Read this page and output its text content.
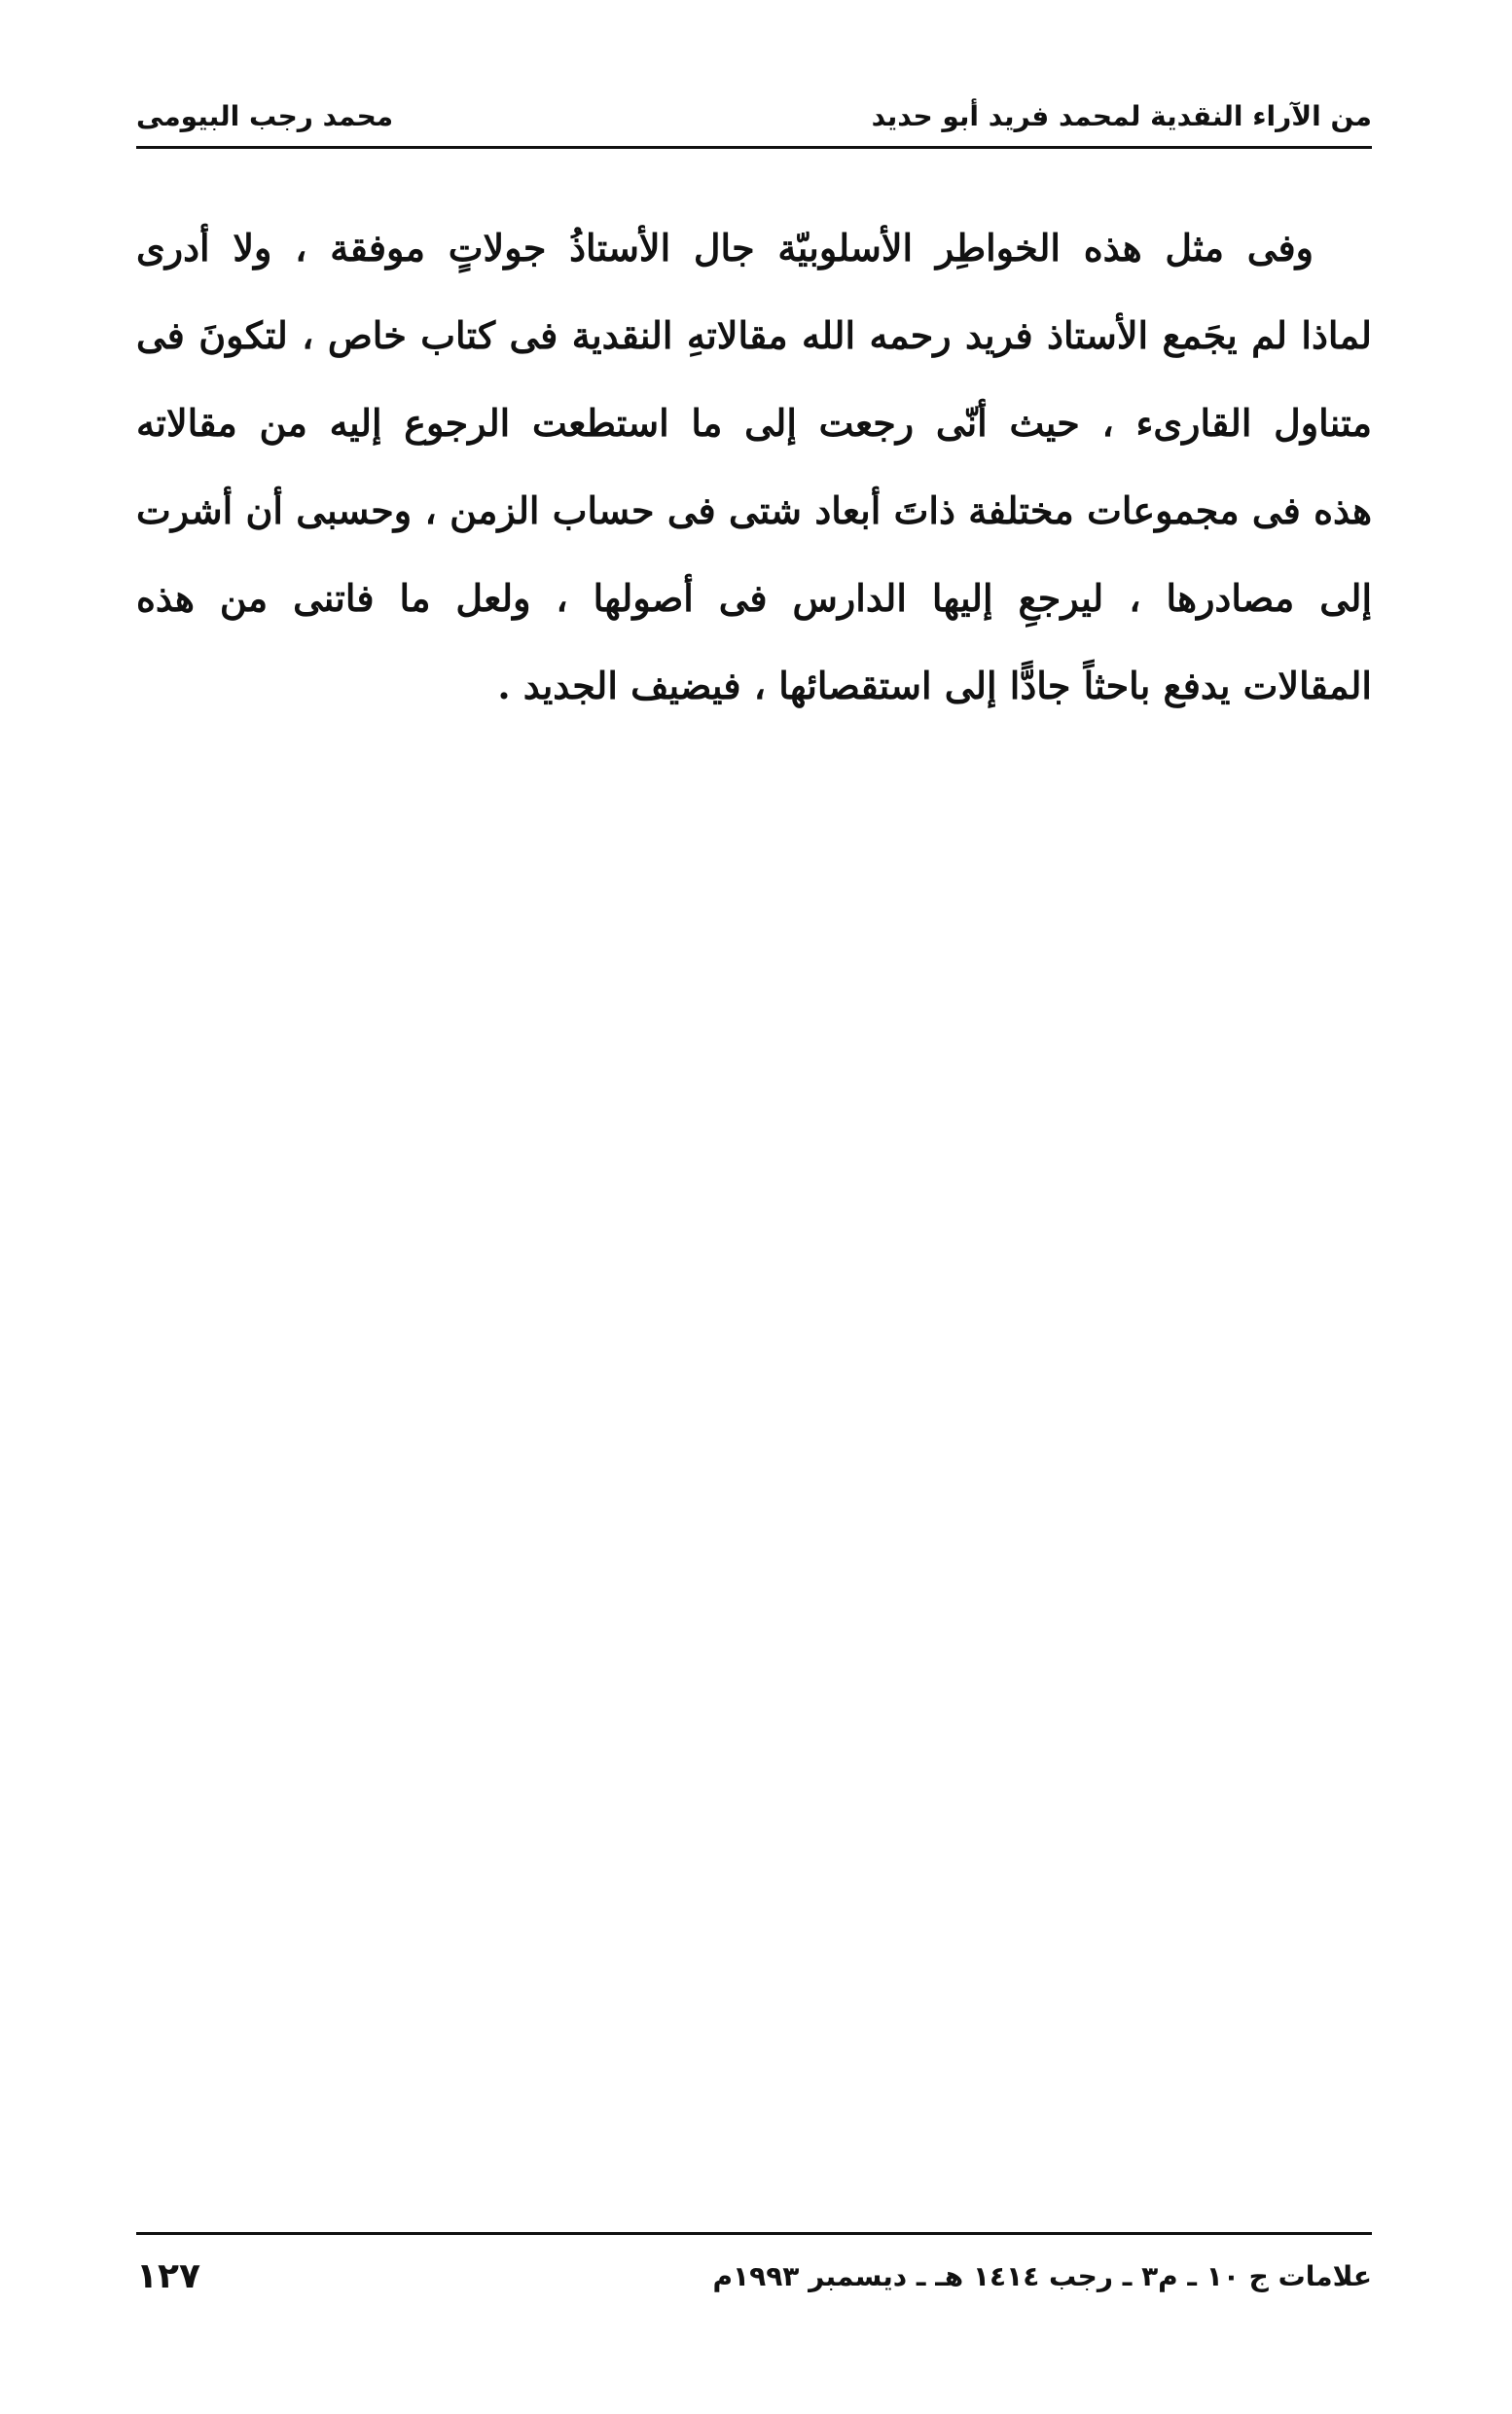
من الآراء النقدية لمحمد فريد أبو حديد
محمد رجب البيومى
وفى مثل هذه الخواطِر الأسلوبيّة جال الأستاذُ جولاتٍ موفقة ، ولا أدرى
لماذا لم يجَمع الأستاذ فريد رحمه الله مقالاتهِ النقدية فى كتاب خاص ، لتكونَ فى
متناول القارىء ، حيث أنّى رجعت إلى ما استطعت الرجوع إليه من مقالاته
هذه فى مجموعات مختلفة ذاتَ أبعاد شتى فى حساب الزمن ، وحسبى أن أشرت
إلى مصادرها ، ليرجعِ إليها الدارس فى أصولها ، ولعل ما فاتنى من هذه
المقالات يدفع باحثاً جادًّا إلى استقصائها ، فيضيف الجديد .
علامات ج ١٠ ـ م٣ ـ رجب ١٤١٤ هـ ـ ديسمبر ١٩٩٣م
١٢٧
